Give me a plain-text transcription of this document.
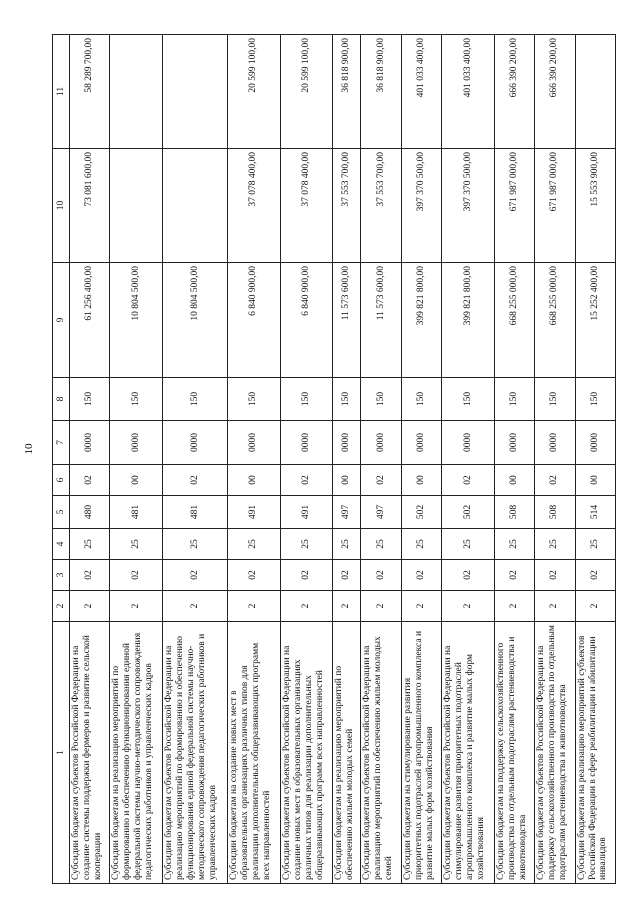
10
1	2	3	4	5	6	7	8	9	10	11
Субсидии бюджетам субъектов Российской Федерации на создание системы поддержки фермеров и развитие сельской кооперации	2	02	25	480	02	0000	150	61 256 400,00	73 081 600,00	58 289 700,00
Субсидии бюджетам на реализацию мероприятий по формированию и обеспечению функционирования единой федеральной системы научно-методического сопровождения педагогических работников и управленческих кадров	2	02	25	481	00	0000	150	10 804 500,00		
Субсидии бюджетам субъектов Российской Федерации на реализацию мероприятий по формированию и обеспечению функционирования единой федеральной системы научно-методического сопровождения педагогических работников и управленческих кадров	2	02	25	481	02	0000	150	10 804 500,00		
Субсидии бюджетам на создание новых мест в образовательных организациях различных типов для реализации дополнительных общеразвивающих программ всех направленностей	2	02	25	491	00	0000	150	6 840 900,00	37 078 400,00	20 599 100,00
Субсидии бюджетам субъектов Российской Федерации на создание новых мест в образовательных организациях различных типов для реализации дополнительных общеразвивающих программ всех направленностей	2	02	25	491	02	0000	150	6 840 900,00	37 078 400,00	20 599 100,00
Субсидии бюджетам на реализацию мероприятий по обеспечению жильем молодых семей	2	02	25	497	00	0000	150	11 573 600,00	37 553 700,00	36 818 900,00
Субсидии бюджетам субъектов Российской Федерации на реализацию мероприятий по обеспечению жильем молодых семей	2	02	25	497	02	0000	150	11 573 600,00	37 553 700,00	36 818 900,00
Субсидии бюджетам на стимулирование развития приоритетных подотраслей агропромышленного комплекса и развитие малых форм хозяйствования	2	02	25	502	00	0000	150	399 821 800,00	397 370 500,00	401 033 400,00
Субсидии бюджетам субъектов Российской Федерации на стимулирование развития приоритетных подотраслей агропромышленного комплекса и развитие малых форм хозяйствования	2	02	25	502	02	0000	150	399 821 800,00	397 370 500,00	401 033 400,00
Субсидии бюджетам на поддержку сельскохозяйственного производства по отдельным подотраслям растениеводства и животноводства	2	02	25	508	00	0000	150	668 255 000,00	671 987 000,00	666 390 200,00
Субсидии бюджетам субъектов Российской Федерации на поддержку сельскохозяйственного производства по отдельным подотраслям растениеводства и животноводства	2	02	25	508	02	0000	150	668 255 000,00	671 987 000,00	666 390 200,00
Субсидии бюджетам на реализацию мероприятий субъектов Российской Федерации в сфере реабилитации и абилитации инвалидов	2	02	25	514	00	0000	150	15 252 400,00	15 553 900,00	
